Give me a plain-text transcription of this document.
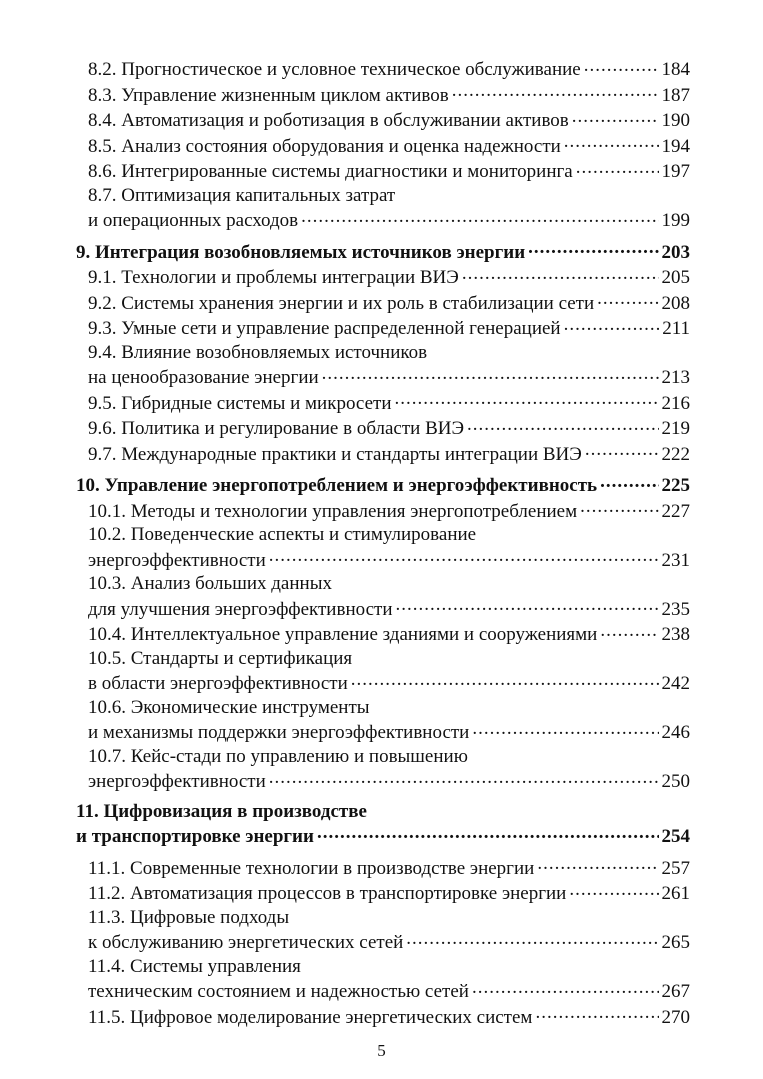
8.2. Прогностическое и условное техническое обслуживание .....	184
8.3. Управление жизненным циклом активов .....	187
8.4. Автоматизация и роботизация в обслуживании активов .....	190
8.5. Анализ состояния оборудования и оценка надежности .....	194
8.6. Интегрированные системы диагностики и мониторинга .....	197
8.7. Оптимизация капитальных затрат
и операционных расходов .....	199
9. Интеграция возобновляемых источников энергии .....	203
9.1. Технологии и проблемы интеграции ВИЭ .....	205
9.2. Системы хранения энергии и их роль в стабилизации сети .....	208
9.3. Умные сети и управление распределенной генерацией .....	211
9.4. Влияние возобновляемых источников
на ценообразование энергии .....	213
9.5. Гибридные системы и микросети .....	216
9.6. Политика и регулирование в области ВИЭ .....	219
9.7. Международные практики и стандарты интеграции ВИЭ .....	222
10. Управление энергопотреблением и энергоэффективность .....	225
10.1. Методы и технологии управления энергопотреблением .....	227
10.2. Поведенческие аспекты и стимулирование
энергоэффективности .....	231
10.3. Анализ больших данных
для улучшения энергоэффективности .....	235
10.4. Интеллектуальное управление зданиями и сооружениями .....	238
10.5. Стандарты и сертификация
в области энергоэффективности .....	242
10.6. Экономические инструменты
и механизмы поддержки энергоэффективности .....	246
10.7. Кейс-стади по управлению и повышению
энергоэффективности .....	250
11. Цифровизация в производстве
и транспортировке энергии .....	254
11.1. Современные технологии в производстве энергии .....	257
11.2. Автоматизация процессов в транспортировке энергии .....	261
11.3. Цифровые подходы
к обслуживанию энергетических сетей .....	265
11.4. Системы управления
техническим состоянием и надежностью сетей .....	267
11.5. Цифровое моделирование энергетических систем .....	270
5
